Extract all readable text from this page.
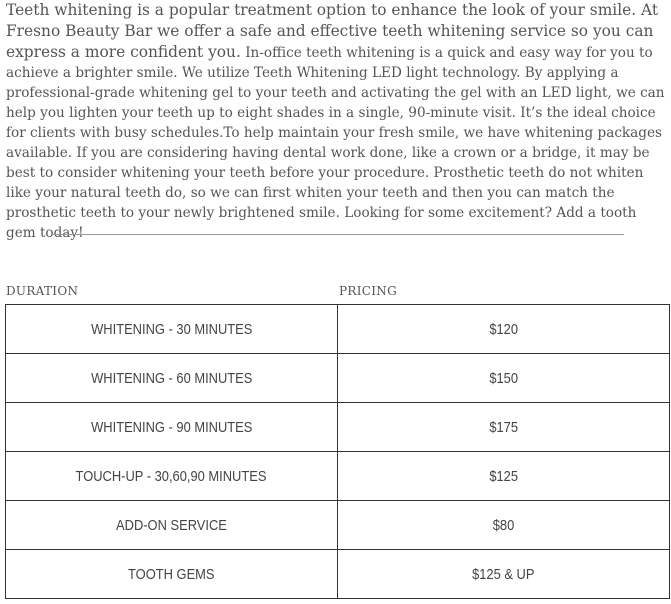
Teeth whitening is a popular treatment option to enhance the look of your smile. At Fresno Beauty Bar we offer a safe and effective teeth whitening service so you can express a more confident you. In-office teeth whitening is a quick and easy way for you to achieve a brighter smile. We utilize Teeth Whitening LED light technology. By applying a professional-grade whitening gel to your teeth and activating the gel with an LED light, we can help you lighten your teeth up to eight shades in a single, 90-minute visit. It’s the ideal choice for clients with busy schedules.To help maintain your fresh smile, we have whitening packages available. If you are considering having dental work done, like a crown or a bridge, it may be best to consider whitening your teeth before your procedure. Prosthetic teeth do not whiten like your natural teeth do, so we can first whiten your teeth and then you can match the prosthetic teeth to your newly brightened smile. Looking for some excitement? Add a tooth gem today!

DURATION	PRICING
WHITENING - 30 MINUTES	$120
WHITENING - 60 MINUTES	$150
WHITENING - 90 MINUTES	$175
TOUCH-UP - 30,60,90 MINUTES	$125
ADD-ON SERVICE	$80
TOOTH GEMS	$125 & UP
